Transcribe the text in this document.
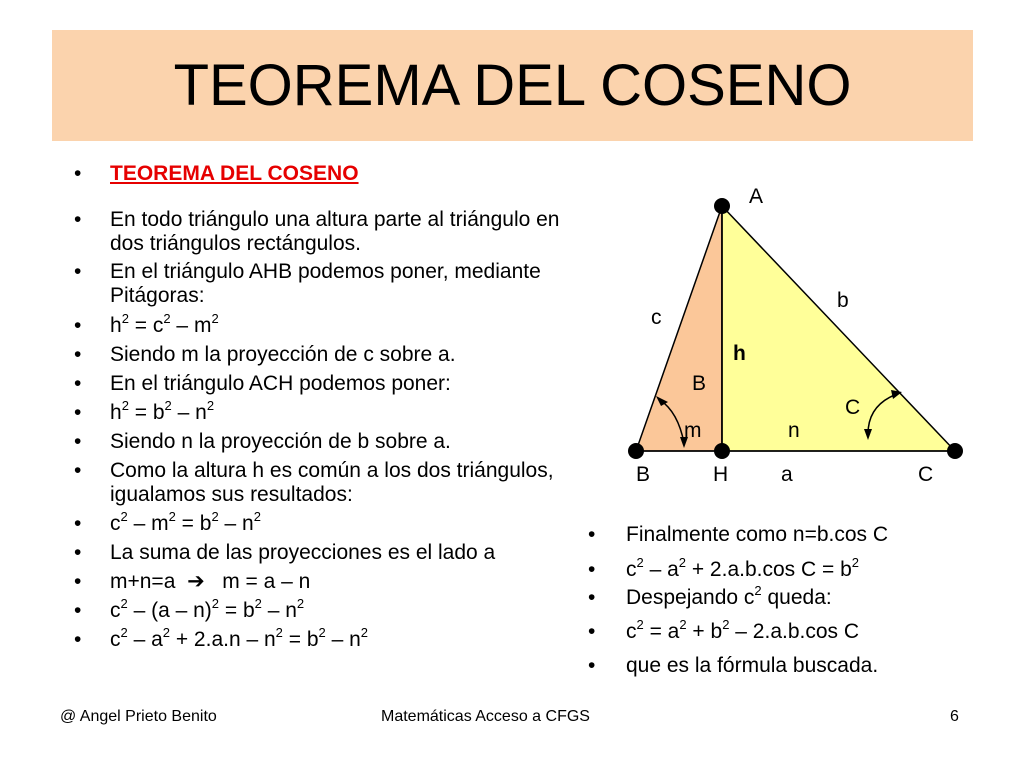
TEOREMA DEL COSENO
• TEOREMA DEL COSENO
• En todo triángulo una altura parte al triángulo en dos triángulos rectángulos.
• En el triángulo AHB podemos poner, mediante Pitágoras:
• $h^2 = c^2 - m^2$
• Siendo m la proyección de c sobre a.
• En el triángulo ACH podemos poner:
• $h^2 = b^2 - n^2$
• Siendo n la proyección de b sobre a.
• Como la altura h es común a los dos triángulos, igualamos sus resultados:
• $c^2 - m^2 = b^2 - n^2$
• La suma de las proyecciones es el lado a
• m+n=a ➔ m = a – n
• $c^2 - (a - n)^2 = b^2 - n^2$
• $c^2 - a^2 + 2.a.n - n^2 = b^2 - n^2$
A
b
c
h
B
C
m	n
B	H	a	C
• Finalmente como n=b.cos C
• $c^2 - a^2 + 2.a.b.\cos$ $C = b^2$
• Despejando $c^2$ queda:
• $c^2 = a^2 + b^2 - 2.a.b.\cos$ C
• que es la fórmula buscada.
@ Angel Prieto Benito	Matemáticas Acceso a CFGS	6
